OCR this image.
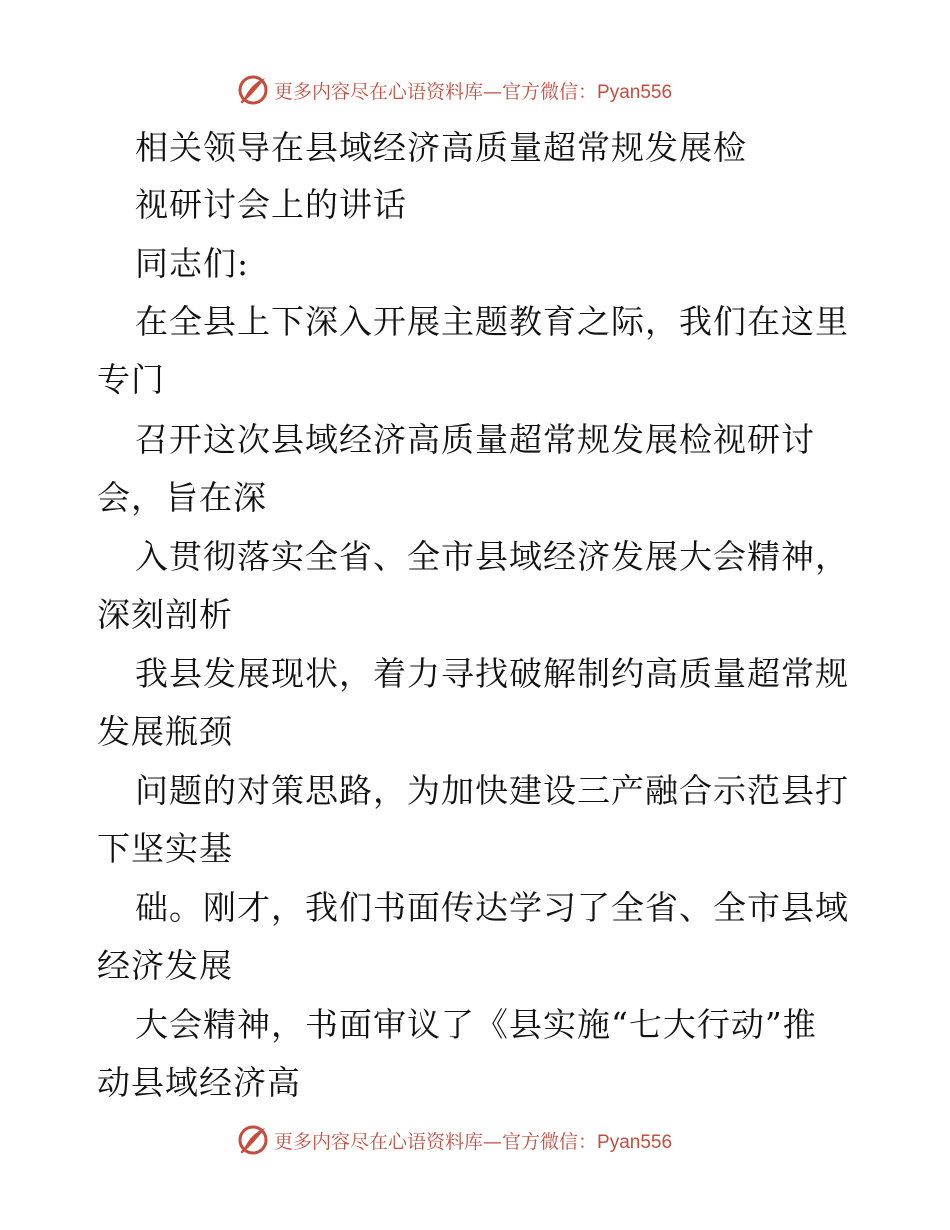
更多内容尽在心语资料库—官方微信：Pyan556
相关领导在县域经济高质量超常规发展检
视研讨会上的讲话
同志们:
在全县上下深入开展主题教育之际，我们在这里
专门
召开这次县域经济高质量超常规发展检视研讨
会，旨在深
入贯彻落实全省、全市县域经济发展大会精神，
深刻剖析
我县发展现状，着力寻找破解制约高质量超常规
发展瓶颈
问题的对策思路，为加快建设三产融合示范县打
下坚实基
础。刚才，我们书面传达学习了全省、全市县域
经济发展
大会精神，书面审议了《县实施“七大行动”推
动县域经济高
更多内容尽在心语资料库—官方微信：Pyan556
